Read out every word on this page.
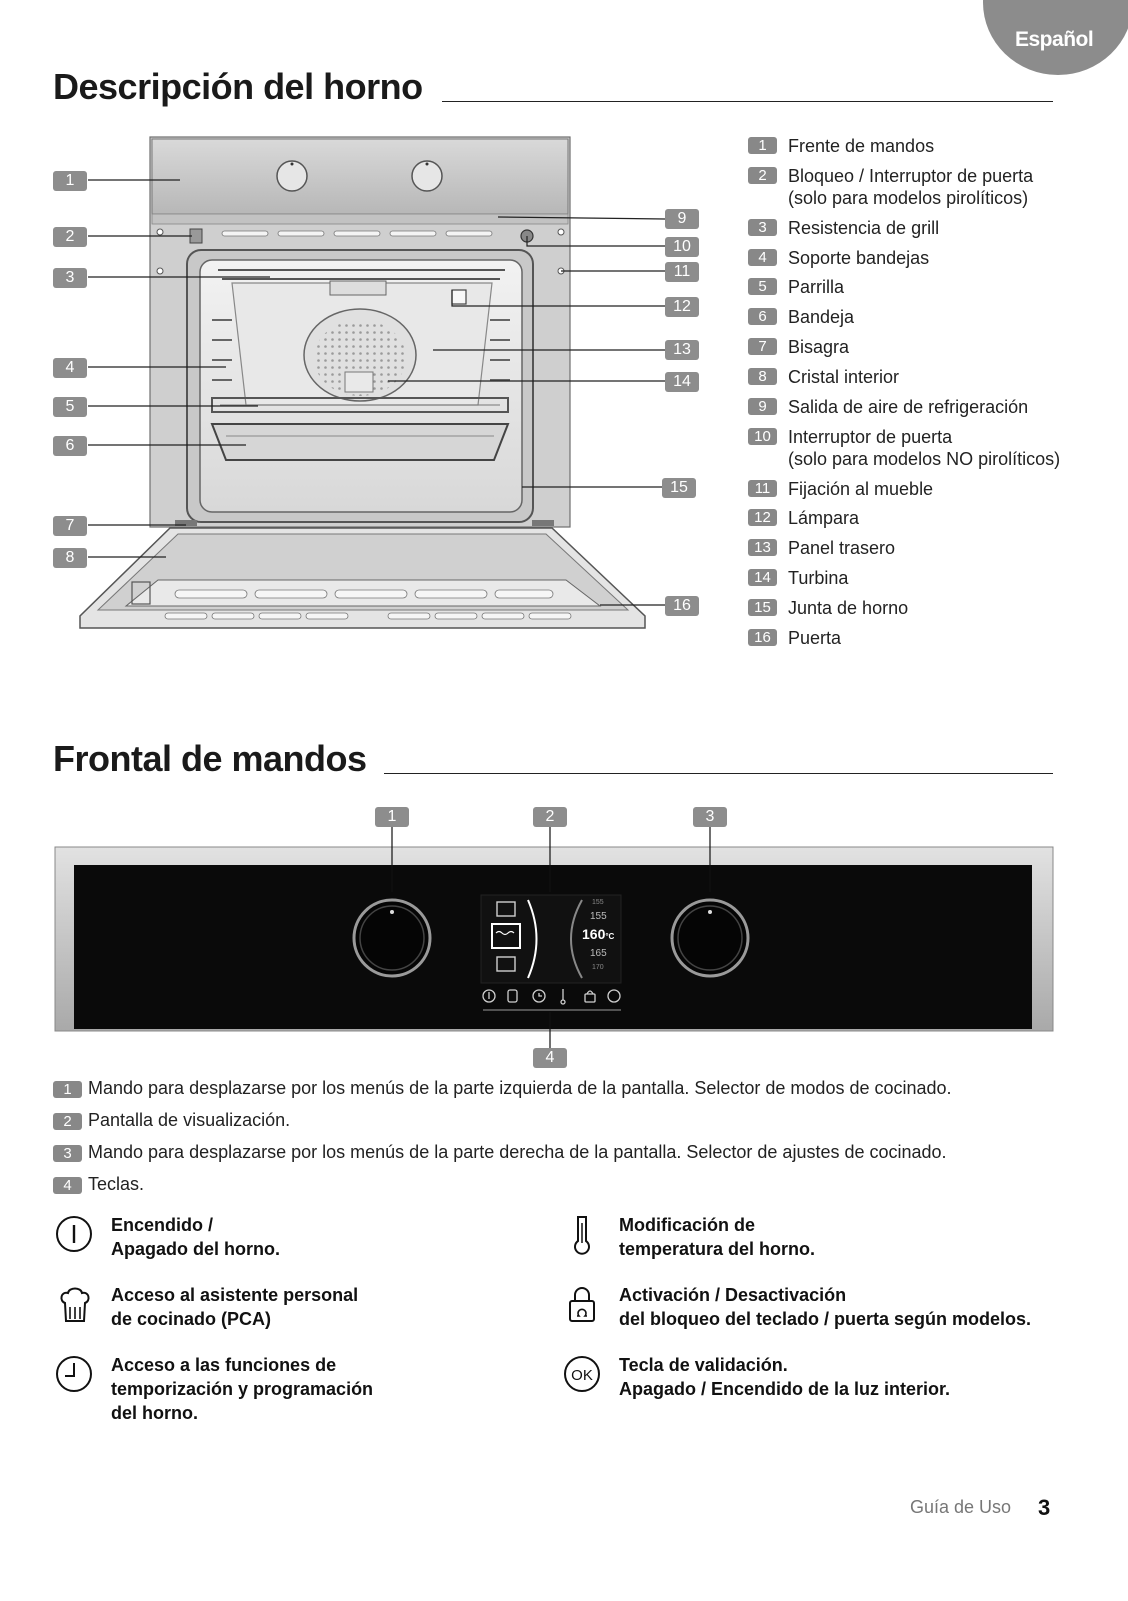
Español
Descripción del horno
1
2
3
4
5
6
7
8
9
10
11
12
13
14
15
16
1	Frente de mandos
2	Bloqueo / Interruptor de puerta
(solo para modelos pirolíticos)
3	Resistencia de grill
4	Soporte bandejas
5	Parrilla
6	Bandeja
7	Bisagra
8	Cristal interior
9	Salida de aire de refrigeración
10 Interruptor de puerta
(solo para modelos NO pirolíticos)
11 Fijación al mueble
12 Lámpara
13 Panel trasero
14 Turbina
15 Junta de horno
16 Puerta
Frontal de mandos
155
155
160°C
165
170
1	2	3
4
1 Mando para desplazarse por los menús de la parte izquierda de la pantalla. Selector de modos de cocinado.
2 Pantalla de visualización.
3 Mando para desplazarse por los menús de la parte derecha de la pantalla. Selector de ajustes de cocinado.
4 Teclas.
Encendido /
Apagado del horno.
Acceso al asistente personal
de cocinado (PCA)
Acceso a las funciones de
temporización y programación
del horno.
Modificación de
temperatura del horno.
Activación / Desactivación
del bloqueo del teclado / puerta según modelos.
OK
Tecla de validación.
Apagado / Encendido de la luz interior.
Guía de Uso 3
